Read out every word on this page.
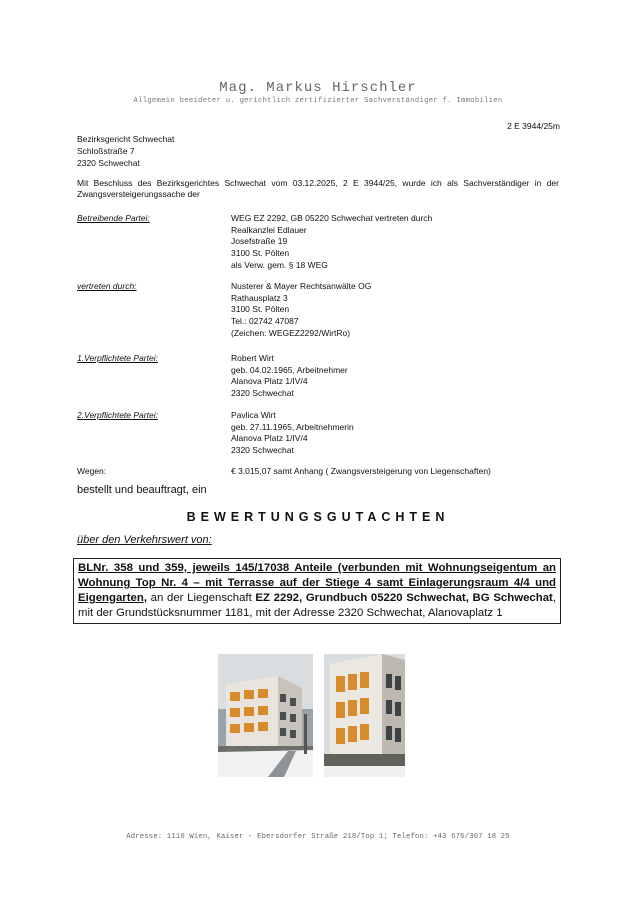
Mag. Markus Hirschler
Allgemein beeideter u. gerichtlich zertifizierter Sachverständiger f. Immobilien
2 E 3944/25m
Bezirksgericht Schwechat
Schloßstraße 7
2320 Schwechat
Mit Beschluss des Bezirksgerichtes Schwechat vom 03.12.2025, 2 E 3944/25, wurde ich als Sachverständiger in der Zwangsversteigerungssache der
Betreibende Partei:	WEG EZ 2292, GB 05220 Schwechat vertreten durch
Realkanzlei Edlauer
Josefstraße 19
3100 St. Pölten
als Verw. gem. § 18 WEG
vertreten durch:	Nusterer & Mayer Rechtsanwälte OG
Rathausplatz 3
3100 St. Pölten
Tel.: 02742 47087
(Zeichen: WEGEZ2292/WirtRo)
1.Verpflichtete Partei:	Robert Wirt
geb. 04.02.1965, Arbeitnehmer
Alanova Platz 1/IV/4
2320 Schwechat
2.Verpflichtete Partei:	Pavlica Wirt
geb. 27.11.1965, Arbeitnehmerin
Alanova Platz 1/IV/4
2320 Schwechat
Wegen:	€ 3.015,07 samt Anhang ( Zwangsversteigerung von Liegenschaften)
bestellt und beauftragt, ein
BEWERTUNGSGUTACHTEN
über den Verkehrswert von:
BLNr. 358 und 359, jeweils 145/17038 Anteile (verbunden mit Wohnungseigentum an Wohnung Top Nr. 4 – mit Terrasse auf der Stiege 4 samt Einlagerungsraum 4/4 und Eigengarten, an der Liegenschaft EZ 2292, Grundbuch 05220 Schwechat, BG Schwechat, mit der Grundstücksnummer 1181, mit der Adresse 2320 Schwechat, Alanovaplatz 1
Adresse: 1110 Wien, Kaiser - Ebersdorfer Straße 218/Top 1; Telefon: +43 676/307 18 25
